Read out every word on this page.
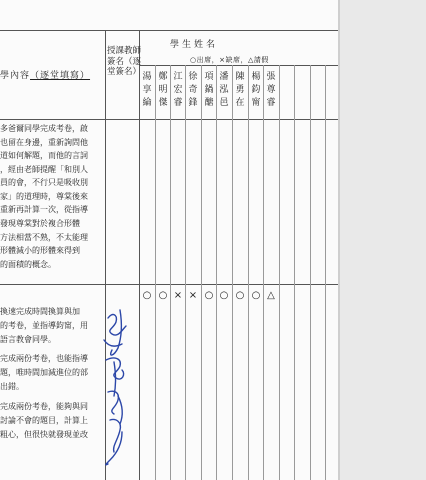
學內容（逐堂填寫）
授課教師簽名（逐堂簽名）
學生姓名
○出席，×缺席，△請假
湯享綸
鄭明傑
江宏睿
徐奇鋒
項鍋醣
潘泓邑
陳勇在
楊鈞甯
張尊睿
多爸爾同學完成考卷，啟
也留在身邊，重新詢問他
道如何解題，而他的言詞
，經由老師提醒「和別人
員的會，不行只是吸收別
家」的道理時，尊棠後來
重新再計算一次，從指導
發現尊棠對於複合形體
方法相當不熟，不太能理
形體減小的形體來得到
的面積的概念。
換速完成時間換算與加
的考卷，並指導鈞甯，用
語言教會同學。
完成兩份考卷，也能指導
題，唯時間加減進位的部
出錯。
完成兩份考卷，能夠與同
討論不會的題目，計算上
粗心，但很快就發現並改
○ ○ × × ○ ○ ○ ○ △
